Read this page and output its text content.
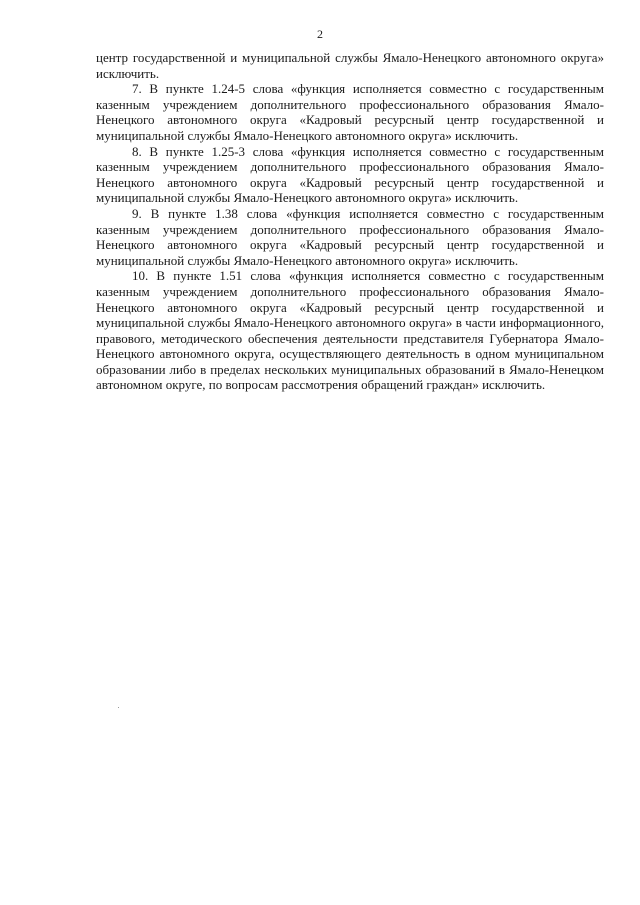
2

центр государственной и муниципальной службы Ямало-Ненецкого автономного округа» исключить.

7. В пункте 1.24-5 слова «функция исполняется совместно с государственным казенным учреждением дополнительного профессионального образования Ямало-Ненецкого автономного округа «Кадровый ресурсный центр государственной и муниципальной службы Ямало-Ненецкого автономного округа» исключить.

8. В пункте 1.25-3 слова «функция исполняется совместно с государственным казенным учреждением дополнительного профессионального образования Ямало-Ненецкого автономного округа «Кадровый ресурсный центр государственной и муниципальной службы Ямало-Ненецкого автономного округа» исключить.

9. В пункте 1.38 слова «функция исполняется совместно с государственным казенным учреждением дополнительного профессионального образования Ямало-Ненецкого автономного округа «Кадровый ресурсный центр государственной и муниципальной службы Ямало-Ненецкого автономного округа» исключить.

10. В пункте 1.51 слова «функция исполняется совместно с государственным казенным учреждением дополнительного профессионального образования Ямало-Ненецкого автономного округа «Кадровый ресурсный центр государственной и муниципальной службы Ямало-Ненецкого автономного округа» в части информационного, правового, методического обеспечения деятельности представителя Губернатора Ямало-Ненецкого автономного округа, осуществляющего деятельность в одном муниципальном образовании либо в пределах нескольких муниципальных образований в Ямало-Ненецком автономном округе, по вопросам рассмотрения обращений граждан» исключить.
